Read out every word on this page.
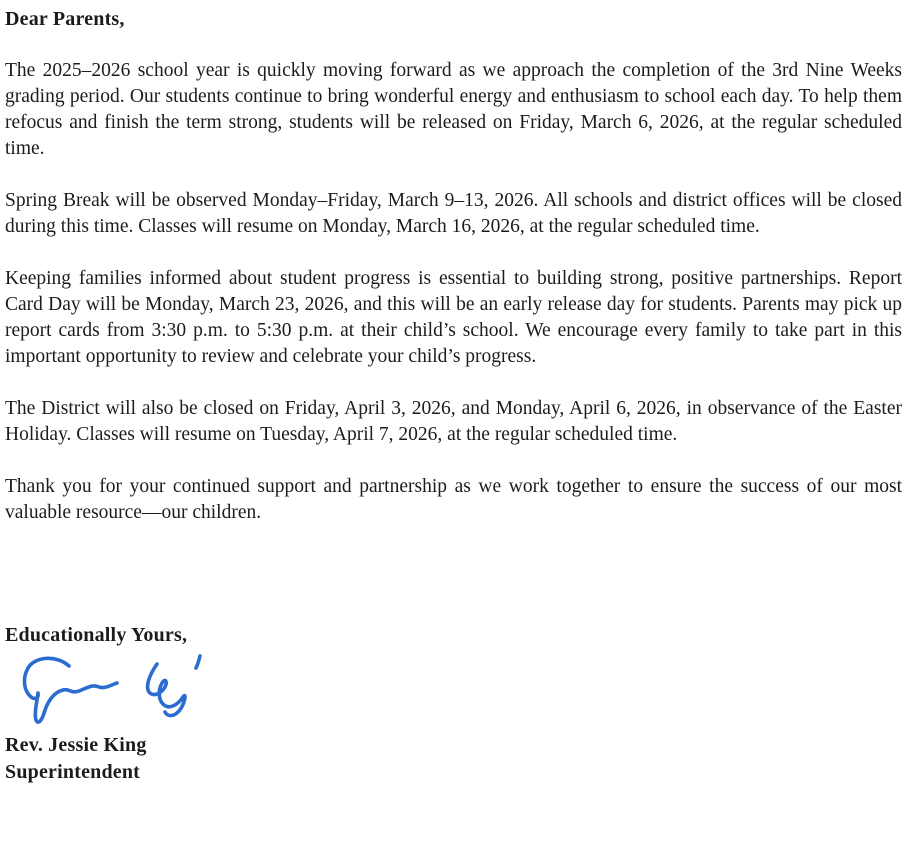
Dear Parents,

The 2025–2026 school year is quickly moving forward as we approach the completion of the 3rd Nine Weeks grading period. Our students continue to bring wonderful energy and enthusiasm to school each day. To help them refocus and finish the term strong, students will be released on Friday, March 6, 2026, at the regular scheduled time.

Spring Break will be observed Monday–Friday, March 9–13, 2026. All schools and district offices will be closed during this time. Classes will resume on Monday, March 16, 2026, at the regular scheduled time.

Keeping families informed about student progress is essential to building strong, positive partnerships. Report Card Day will be Monday, March 23, 2026, and this will be an early release day for students. Parents may pick up report cards from 3:30 p.m. to 5:30 p.m. at their child’s school. We encourage every family to take part in this important opportunity to review and celebrate your child’s progress.

The District will also be closed on Friday, April 3, 2026, and Monday, April 6, 2026, in observance of the Easter Holiday. Classes will resume on Tuesday, April 7, 2026, at the regular scheduled time.

Thank you for your continued support and partnership as we work together to ensure the success of our most valuable resource—our children.

Educationally Yours,

Rev. Jessie King

Superintendent
